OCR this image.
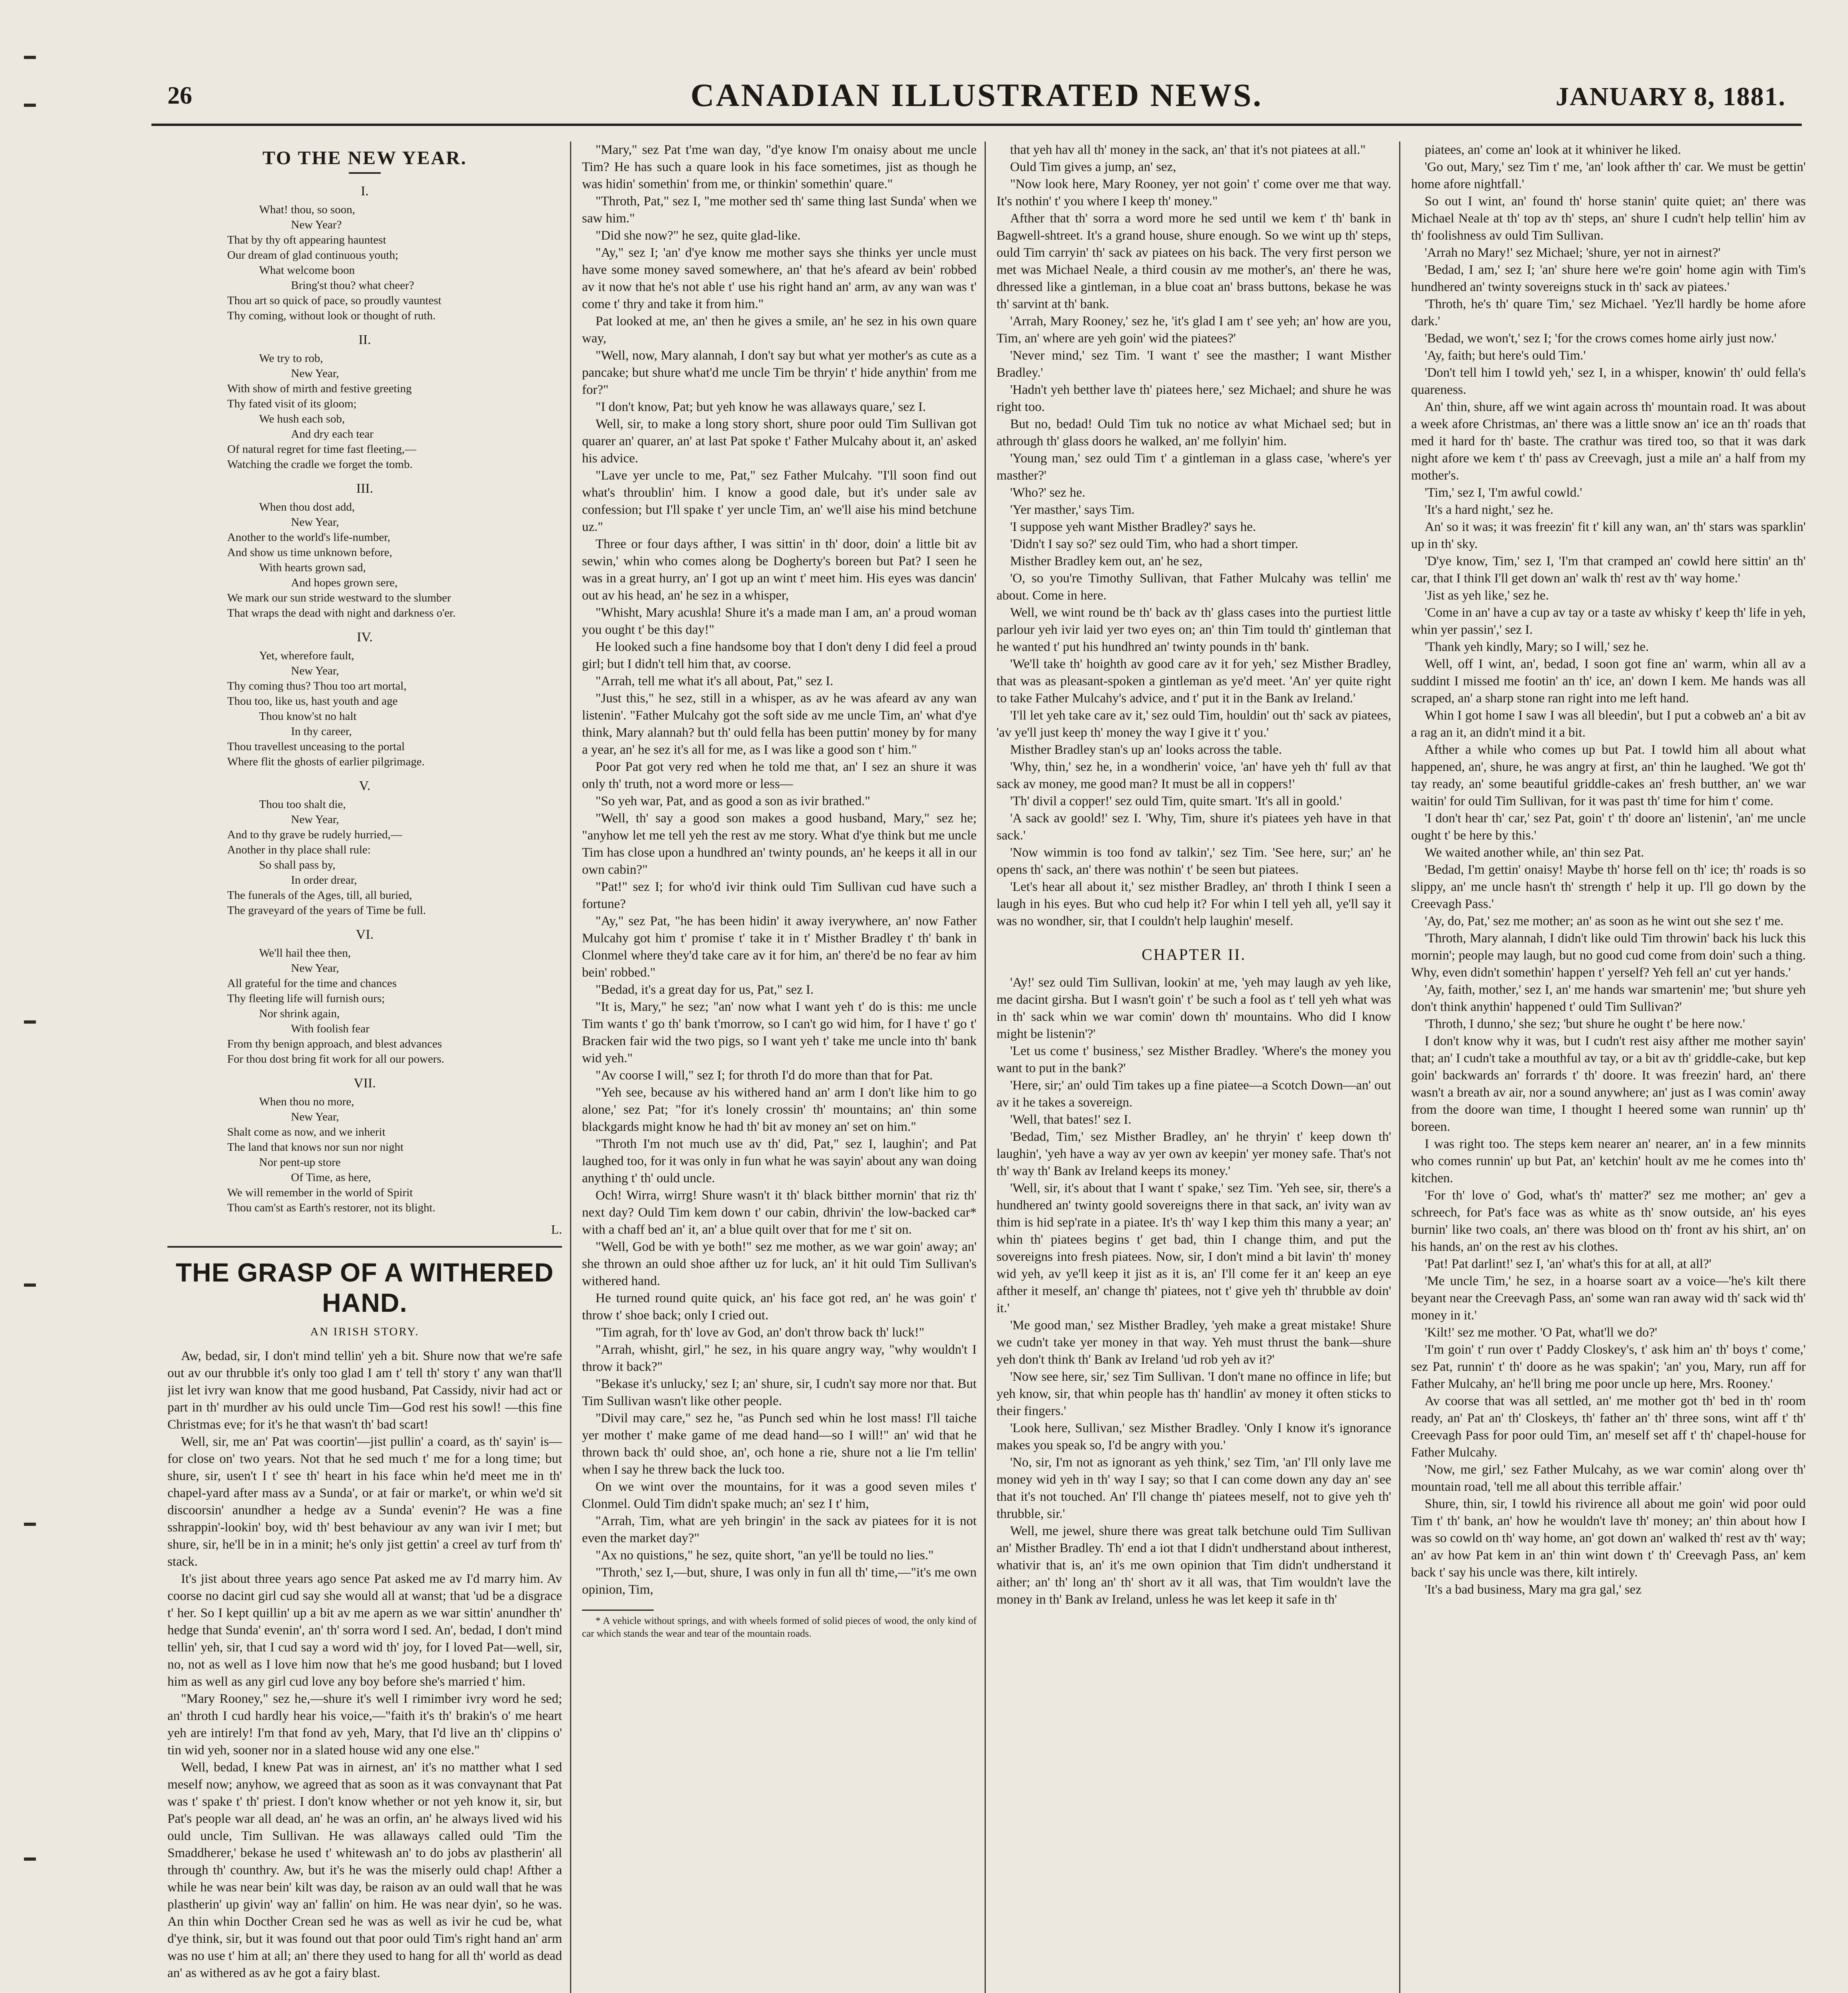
26	CANADIAN ILLUSTRATED NEWS.	JANUARY 8, 1881.
TO THE NEW YEAR.
I.
What! thou, so soon,
New Year?
That by thy oft appearing hauntest
Our dream of glad continuous youth;
What welcome boon
Bring'st thou? what cheer?
Thou art so quick of pace, so proudly vauntest
Thy coming, without look or thought of ruth.
II.
We try to rob,
New Year,
With show of mirth and festive greeting
Thy fated visit of its gloom;
We hush each sob,
And dry each tear
Of natural regret for time fast fleeting,—
Watching the cradle we forget the tomb.
III.
When thou dost add,
New Year,
Another to the world's life-number,
And show us time unknown before,
With hearts grown sad,
And hopes grown sere,
We mark our sun stride westward to the slumber
That wraps the dead with night and darkness o'er.
IV.
Yet, wherefore fault,
New Year,
Thy coming thus? Thou too art mortal,
Thou too, like us, hast youth and age
Thou know'st no halt
In thy career,
Thou travellest unceasing to the portal
Where flit the ghosts of earlier pilgrimage.
V.
Thou too shalt die,
New Year,
And to thy grave be rudely hurried,—
Another in thy place shall rule:
So shall pass by,
In order drear,
The funerals of the Ages, till, all buried,
The graveyard of the years of Time be full.
VI.
We'll hail thee then,
New Year,
All grateful for the time and chances
Thy fleeting life will furnish ours;
Nor shrink again,
With foolish fear
From thy benign approach, and blest advances
For thou dost bring fit work for all our powers.
VII.
When thou no more,
New Year,
Shalt come as now, and we inherit
The land that knows nor sun nor night
Nor pent-up store
Of Time, as here,
We will remember in the world of Spirit
Thou cam'st as Earth's restorer, not its blight.
L.
THE GRASP OF A WITHERED HAND.
AN IRISH STORY.

Aw, bedad, sir, I don't mind tellin' yeh a bit. Shure now that we're safe out av our thrubble it's only too glad I am t' tell th' story t' any wan that'll jist let ivry wan know that me good husband, Pat Cassidy, nivir had act or part in th' murdher av his ould uncle Tim—God rest his sowl! —this fine Christmas eve; for it's he that wasn't th' bad scart!

Well, sir, me an' Pat was coortin'—jist pullin' a coard, as th' sayin' is—for close on' two years. Not that he sed much t' me for a long time; but shure, sir, usen't I t' see th' heart in his face whin he'd meet me in th' chapel-yard after mass av a Sunda', or at fair or marke't, or whin we'd sit discoorsin' anundher a hedge av a Sunda' evenin'? He was a fine sshrappin'-lookin' boy, wid th' best behaviour av any wan ivir I met; but shure, sir, he'll be in in a minit; he's only jist gettin' a creel av turf from th' stack.

It's jist about three years ago sence Pat asked me av I'd marry him. Av coorse no dacint girl cud say she would all at wanst; that 'ud be a disgrace t' her. So I kept quillin' up a bit av me apern as we war sittin' anundher th' hedge that Sunda' evenin', an' th' sorra word I sed. An', bedad, I don't mind tellin' yeh, sir, that I cud say a word wid th' joy, for I loved Pat—well, sir, no, not as well as I love him now that he's me good husband; but I loved him as well as any girl cud love any boy before she's married t' him.

"Mary Rooney," sez he,—shure it's well I rimimber ivry word he sed; an' throth I cud hardly hear his voice,—"faith it's th' brakin's o' me heart yeh are intirely! I'm that fond av yeh, Mary, that I'd live an th' clippins o' tin wid yeh, sooner nor in a slated house wid any one else."

Well, bedad, I knew Pat was in airnest, an' it's no matther what I sed meself now; anyhow, we agreed that as soon as it was convaynant that Pat was t' spake t' th' priest. I don't know whether or not yeh know it, sir, but Pat's people war all dead, an' he was an orfin, an' he always lived wid his ould uncle, Tim Sullivan. He was allaways called ould 'Tim the Smaddherer,' bekase he used t' whitewash an' to do jobs av plastherin' all through th' counthry. Aw, but it's he was the miserly ould chap! Afther a while he was near bein' kilt was day, be raison av an ould wall that he was plastherin' up givin' way an' fallin' on him. He was near dyin', so he was. An thin whin Docther Crean sed he was as well as ivir he cud be, what d'ye think, sir, but it was found out that poor ould Tim's right hand an' arm was no use t' him at all; an' there they used to hang for all th' world as dead an' as withered as av he got a fairy blast.

"Mary," sez Pat t'me wan day, "d'ye know I'm onaisy about me uncle Tim? He has such a quare look in his face sometimes, jist as though he was hidin' somethin' from me, or thinkin' somethin' quare."

"Throth, Pat," sez I, "me mother sed th' same thing last Sunda' when we saw him."

"Did she now?" he sez, quite glad-like.

"Ay," sez I; 'an' d'ye know me mother says she thinks yer uncle must have some money saved somewhere, an' that he's afeard av bein' robbed av it now that he's not able t' use his right hand an' arm, av any wan was t' come t' thry and take it from him."

Pat looked at me, an' then he gives a smile, an' he sez in his own quare way,

"Well, now, Mary alannah, I don't say but what yer mother's as cute as a pancake; but shure what'd me uncle Tim be thryin' t' hide anythin' from me for?"

"I don't know, Pat; but yeh know he was allaways quare,' sez I.

Well, sir, to make a long story short, shure poor ould Tim Sullivan got quarer an' quarer, an' at last Pat spoke t' Father Mulcahy about it, an' asked his advice.

"Lave yer uncle to me, Pat," sez Father Mulcahy. "I'll soon find out what's throublin' him. I know a good dale, but it's under sale av confession; but I'll spake t' yer uncle Tim, an' we'll aise his mind betchune uz."

Three or four days afther, I was sittin' in th' door, doin' a little bit av sewin,' whin who comes along be Dogherty's boreen but Pat? I seen he was in a great hurry, an' I got up an wint t' meet him. His eyes was dancin' out av his head, an' he sez in a whisper,

"Whisht, Mary acushla! Shure it's a made man I am, an' a proud woman you ought t' be this day!"

He looked such a fine handsome boy that I don't deny I did feel a proud girl; but I didn't tell him that, av coorse.

"Arrah, tell me what it's all about, Pat," sez I.

"Just this," he sez, still in a whisper, as av he was afeard av any wan listenin'. "Father Mulcahy got the soft side av me uncle Tim, an' what d'ye think, Mary alannah? but th' ould fella has been puttin' money by for many a year, an' he sez it's all for me, as I was like a good son t' him."

Poor Pat got very red when he told me that, an' I sez an shure it was only th' truth, not a word more or less—

"So yeh war, Pat, and as good a son as ivir brathed."

"Well, th' say a good son makes a good husband, Mary," sez he; "anyhow let me tell yeh the rest av me story. What d'ye think but me uncle Tim has close upon a hundhred an' twinty pounds, an' he keeps it all in our own cabin?"

"Pat!" sez I; for who'd ivir think ould Tim Sullivan cud have such a fortune?

"Ay," sez Pat, "he has been hidin' it away iverywhere, an' now Father Mulcahy got him t' promise t' take it in t' Misther Bradley t' th' bank in Clonmel where they'd take care av it for him, an' there'd be no fear av him bein' robbed."

"Bedad, it's a great day for us, Pat," sez I.

"It is, Mary," he sez; "an' now what I want yeh t' do is this: me uncle Tim wants t' go th' bank t'morrow, so I can't go wid him, for I have t' go t' Bracken fair wid the two pigs, so I want yeh t' take me uncle into th' bank wid yeh."

"Av coorse I will," sez I; for throth I'd do more than that for Pat.

"Yeh see, because av his withered hand an' arm I don't like him to go alone,' sez Pat; "for it's lonely crossin' th' mountains; an' thin some blackgards might know he had th' bit av money an' set on him."

"Throth I'm not much use av th' did, Pat," sez I, laughin'; and Pat laughed too, for it was only in fun what he was sayin' about any wan doing anything t' th' ould uncle.

Och! Wirra, wirrg! Shure wasn't it th' black bitther mornin' that riz th' next day? Ould Tim kem down t' our cabin, dhrivin' the low-backed car* with a chaff bed an' it, an' a blue quilt over that for me t' sit on.

"Well, God be with ye both!" sez me mother, as we war goin' away; an' she thrown an ould shoe afther uz for luck, an' it hit ould Tim Sullivan's withered hand.

He turned round quite quick, an' his face got red, an' he was goin' t' throw t' shoe back; only I cried out.

"Tim agrah, for th' love av God, an' don't throw back th' luck!"

"Arrah, whisht, girl," he sez, in his quare angry way, "why wouldn't I throw it back?"

"Bekase it's unlucky,' sez I; an' shure, sir, I cudn't say more nor that. But Tim Sullivan wasn't like other people.

"Divil may care," sez he, "as Punch sed whin he lost mass! I'll taiche yer mother t' make game of me dead hand—so I will!" an' wid that he thrown back th' ould shoe, an', och hone a rie, shure not a lie I'm tellin' when I say he threw back the luck too.

On we wint over the mountains, for it was a good seven miles t' Clonmel. Ould Tim didn't spake much; an' sez I t' him,

"Arrah, Tim, what are yeh bringin' in the sack av piatees for it is not even the market day?"

"Ax no quistions," he sez, quite short, "an ye'll be tould no lies."

"Throth,' sez I,—but, shure, I was only in fun all th' time,—"it's me own opinion, Tim,

* A vehicle without springs, and with wheels formed of solid pieces of wood, the only kind of car which stands the wear and tear of the mountain roads.

that yeh hav all th' money in the sack, an' that it's not piatees at all."

Ould Tim gives a jump, an' sez,

"Now look here, Mary Rooney, yer not goin' t' come over me that way. It's nothin' t' you where I keep th' money."

Afther that th' sorra a word more he sed until we kem t' th' bank in Bagwell-shtreet. It's a grand house, shure enough. So we wint up th' steps, ould Tim carryin' th' sack av piatees on his back. The very first person we met was Michael Neale, a third cousin av me mother's, an' there he was, dhressed like a gintleman, in a blue coat an' brass buttons, bekase he was th' sarvint at th' bank.

'Arrah, Mary Rooney,' sez he, 'it's glad I am t' see yeh; an' how are you, Tim, an' where are yeh goin' wid the piatees?'

'Never mind,' sez Tim. 'I want t' see the masther; I want Misther Bradley.'

'Hadn't yeh betther lave th' piatees here,' sez Michael; and shure he was right too.

But no, bedad! Ould Tim tuk no notice av what Michael sed; but in athrough th' glass doors he walked, an' me follyin' him.

'Young man,' sez ould Tim t' a gintleman in a glass case, 'where's yer masther?'

'Who?' sez he.

'Yer masther,' says Tim.

'I suppose yeh want Misther Bradley?' says he.

'Didn't I say so?' sez ould Tim, who had a short timper.

Misther Bradley kem out, an' he sez,

'O, so you're Timothy Sullivan, that Father Mulcahy was tellin' me about. Come in here.

Well, we wint round be th' back av th' glass cases into the purtiest little parlour yeh ivir laid yer two eyes on; an' thin Tim tould th' gintleman that he wanted t' put his hundhred an' twinty pounds in th' bank.

'We'll take th' hoighth av good care av it for yeh,' sez Misther Bradley, that was as pleasant-spoken a gintleman as ye'd meet. 'An' yer quite right to take Father Mulcahy's advice, and t' put it in the Bank av Ireland.'

'I'll let yeh take care av it,' sez ould Tim, houldin' out th' sack av piatees, 'av ye'll just keep th' money the way I give it t' you.'

Misther Bradley stan's up an' looks across the table.

'Why, thin,' sez he, in a wondherin' voice, 'an' have yeh th' full av that sack av money, me good man? It must be all in coppers!'

'Th' divil a copper!' sez ould Tim, quite smart. 'It's all in goold.'

'A sack av goold!' sez I. 'Why, Tim, shure it's piatees yeh have in that sack.'

'Now wimmin is too fond av talkin',' sez Tim. 'See here, sur;' an' he opens th' sack, an' there was nothin' t' be seen but piatees.

'Let's hear all about it,' sez misther Bradley, an' throth I think I seen a laugh in his eyes. But who cud help it? For whin I tell yeh all, ye'll say it was no wondher, sir, that I couldn't help laughin' meself.

CHAPTER II.

'Ay!' sez ould Tim Sullivan, lookin' at me, 'yeh may laugh av yeh like, me dacint girsha. But I wasn't goin' t' be such a fool as t' tell yeh what was in th' sack whin we war comin' down th' mountains. Who did I know might be listenin'?'

'Let us come t' business,' sez Misther Bradley. 'Where's the money you want to put in the bank?'

'Here, sir;' an' ould Tim takes up a fine piatee—a Scotch Down—an' out av it he takes a sovereign.

'Well, that bates!' sez I.

'Bedad, Tim,' sez Misther Bradley, an' he thryin' t' keep down th' laughin', 'yeh have a way av yer own av keepin' yer money safe. That's not th' way th' Bank av Ireland keeps its money.'

'Well, sir, it's about that I want t' spake,' sez Tim. 'Yeh see, sir, there's a hundhered an' twinty goold sovereigns there in that sack, an' ivity wan av thim is hid sep'rate in a piatee. It's th' way I kep thim this many a year; an' whin th' piatees begins t' get bad, thin I change thim, and put the sovereigns into fresh piatees. Now, sir, I don't mind a bit lavin' th' money wid yeh, av ye'll keep it jist as it is, an' I'll come fer it an' keep an eye afther it meself, an' change th' piatees, not t' give yeh th' thrubble av doin' it.'

'Me good man,' sez Misther Bradley, 'yeh make a great mistake! Shure we cudn't take yer money in that way. Yeh must thrust the bank—shure yeh don't think th' Bank av Ireland 'ud rob yeh av it?'

'Now see here, sir,' sez Tim Sullivan. 'I don't mane no offince in life; but yeh know, sir, that whin people has th' handlin' av money it often sticks to their fingers.'

'Look here, Sullivan,' sez Misther Bradley. 'Only I know it's ignorance makes you speak so, I'd be angry with you.'

'No, sir, I'm not as ignorant as yeh think,' sez Tim, 'an' I'll only lave me money wid yeh in th' way I say; so that I can come down any day an' see that it's not touched. An' I'll change th' piatees meself, not to give yeh th' thrubble, sir.'

Well, me jewel, shure there was great talk betchune ould Tim Sullivan an' Misther Bradley. Th' end a iot that I didn't undherstand about intherest, whativir that is, an' it's me own opinion that Tim didn't undherstand it aither; an' th' long an' th' short av it all was, that Tim wouldn't lave the money in th' Bank av Ireland, unless he was let keep it safe in th'

piatees, an' come an' look at it whiniver he liked.

'Go out, Mary,' sez Tim t' me, 'an' look afther th' car. We must be gettin' home afore nightfall.'

So out I wint, an' found th' horse stanin' quite quiet; an' there was Michael Neale at th' top av th' steps, an' shure I cudn't help tellin' him av th' foolishness av ould Tim Sullivan.

'Arrah no Mary!' sez Michael; 'shure, yer not in airnest?'

'Bedad, I am,' sez I; 'an' shure here we're goin' home agin with Tim's hundhered an' twinty sovereigns stuck in th' sack av piatees.'

'Throth, he's th' quare Tim,' sez Michael. 'Yez'll hardly be home afore dark.'

'Bedad, we won't,' sez I; 'for the crows comes home airly just now.'

'Ay, faith; but here's ould Tim.'

'Don't tell him I towld yeh,' sez I, in a whisper, knowin' th' ould fella's quareness.

An' thin, shure, aff we wint again across th' mountain road. It was about a week afore Christmas, an' there was a little snow an' ice an th' roads that med it hard for th' baste. The crathur was tired too, so that it was dark night afore we kem t' th' pass av Creevagh, just a mile an' a half from my mother's.

'Tim,' sez I, 'I'm awful cowld.'

'It's a hard night,' sez he.

An' so it was; it was freezin' fit t' kill any wan, an' th' stars was sparklin' up in th' sky.

'D'ye know, Tim,' sez I, 'I'm that cramped an' cowld here sittin' an th' car, that I think I'll get down an' walk th' rest av th' way home.'

'Jist as yeh like,' sez he.

'Come in an' have a cup av tay or a taste av whisky t' keep th' life in yeh, whin yer passin',' sez I.

'Thank yeh kindly, Mary; so I will,' sez he.

Well, off I wint, an', bedad, I soon got fine an' warm, whin all av a suddint I missed me footin' an th' ice, an' down I kem. Me hands was all scraped, an' a sharp stone ran right into me left hand.

Whin I got home I saw I was all bleedin', but I put a cobweb an' a bit av a rag an it, an didn't mind it a bit.

Afther a while who comes up but Pat. I towld him all about what happened, an', shure, he was angry at first, an' thin he laughed. 'We got th' tay ready, an' some beautiful griddle-cakes an' fresh butther, an' we war waitin' for ould Tim Sullivan, for it was past th' time for him t' come.

'I don't hear th' car,' sez Pat, goin' t' th' doore an' listenin', 'an' me uncle ought t' be here by this.'

We waited another while, an' thin sez Pat.

'Bedad, I'm gettin' onaisy! Maybe th' horse fell on th' ice; th' roads is so slippy, an' me uncle hasn't th' strength t' help it up. I'll go down by the Creevagh Pass.'

'Ay, do, Pat,' sez me mother; an' as soon as he wint out she sez t' me.

'Throth, Mary alannah, I didn't like ould Tim throwin' back his luck this mornin'; people may laugh, but no good cud come from doin' such a thing. Why, even didn't somethin' happen t' yerself? Yeh fell an' cut yer hands.'

'Ay, faith, mother,' sez I, an' me hands war smartenin' me; 'but shure yeh don't think anythin' happened t' ould Tim Sullivan?'

'Throth, I dunno,' she sez; 'but shure he ought t' be here now.'

I don't know why it was, but I cudn't rest aisy afther me mother sayin' that; an' I cudn't take a mouthful av tay, or a bit av th' griddle-cake, but kep goin' backwards an' forrards t' th' doore. It was freezin' hard, an' there wasn't a breath av air, nor a sound anywhere; an' just as I was comin' away from the doore wan time, I thought I heered some wan runnin' up th' boreen.

I was right too. The steps kem nearer an' nearer, an' in a few minnits who comes runnin' up but Pat, an' ketchin' hoult av me he comes into th' kitchen.

'For th' love o' God, what's th' matter?' sez me mother; an' gev a schreech, for Pat's face was as white as th' snow outside, an' his eyes burnin' like two coals, an' there was blood on th' front av his shirt, an' on his hands, an' on the rest av his clothes.

'Pat! Pat darlint!' sez I, 'an' what's this for at all, at all?'

'Me uncle Tim,' he sez, in a hoarse soart av a voice—'he's kilt there beyant near the Creevagh Pass, an' some wan ran away wid th' sack wid th' money in it.'

'Kilt!' sez me mother. 'O Pat, what'll we do?'

'I'm goin' t' run over t' Paddy Closkey's, t' ask him an' th' boys t' come,' sez Pat, runnin' t' th' doore as he was spakin'; 'an' you, Mary, run aff for Father Mulcahy, an' he'll bring me poor uncle up here, Mrs. Rooney.'

Av coorse that was all settled, an' me mother got th' bed in th' room ready, an' Pat an' th' Closkeys, th' father an' th' three sons, wint aff t' th' Creevagh Pass for poor ould Tim, an' meself set aff t' th' chapel-house for Father Mulcahy.

'Now, me girl,' sez Father Mulcahy, as we war comin' along over th' mountain road, 'tell me all about this terrible affair.'

Shure, thin, sir, I towld his rivirence all about me goin' wid poor ould Tim t' th' bank, an' how he wouldn't lave th' money; an' thin about how I was so cowld on th' way home, an' got down an' walked th' rest av th' way; an' av how Pat kem in an' thin wint down t' th' Creevagh Pass, an' kem back t' say his uncle was there, kilt intirely.

'It's a bad business, Mary ma gra gal,' sez
